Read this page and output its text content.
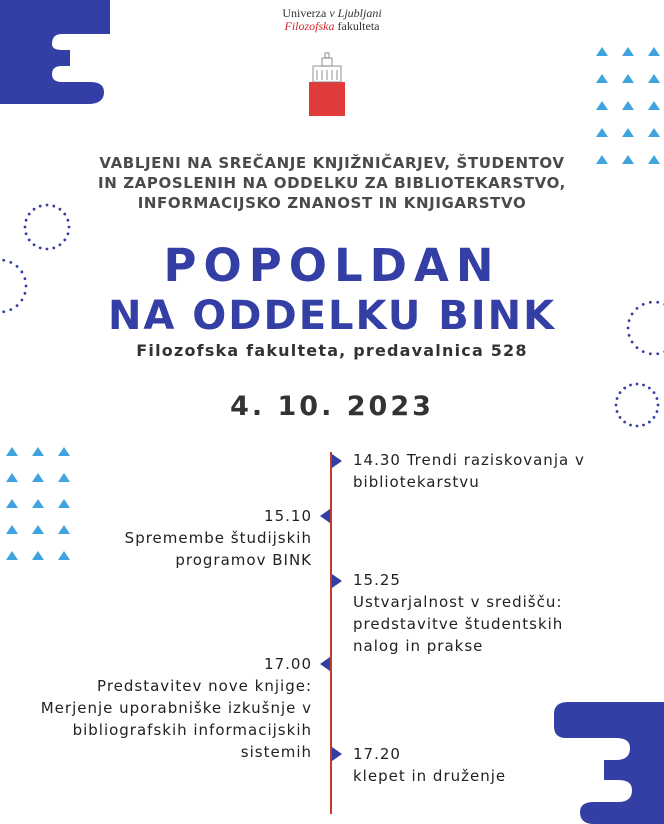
Univerza v Ljubljani
Filozofska fakulteta
VABLJENI NA SREČANJE KNJIŽNIČARJEV, ŠTUDENTOV
IN ZAPOSLENIH NA ODDELKU ZA BIBLIOTEKARSTVO,
INFORMACIJSKO ZNANOST IN KNJIGARSTVO
POPOLDAN
NA ODDELKU BINK
Filozofska fakulteta, predavalnica 528
4. 10. 2023
14.30 Trendi raziskovanja v
bibliotekarstvu
15.10
Spremembe študijskih
programov BINK
15.25
Ustvarjalnost v središču:
predstavitve študentskih
nalog in prakse
17.00
Predstavitev nove knjige:
Merjenje uporabniške izkušnje v
bibliografskih informacijskih
sistemih	17.20
klepet in druženje
